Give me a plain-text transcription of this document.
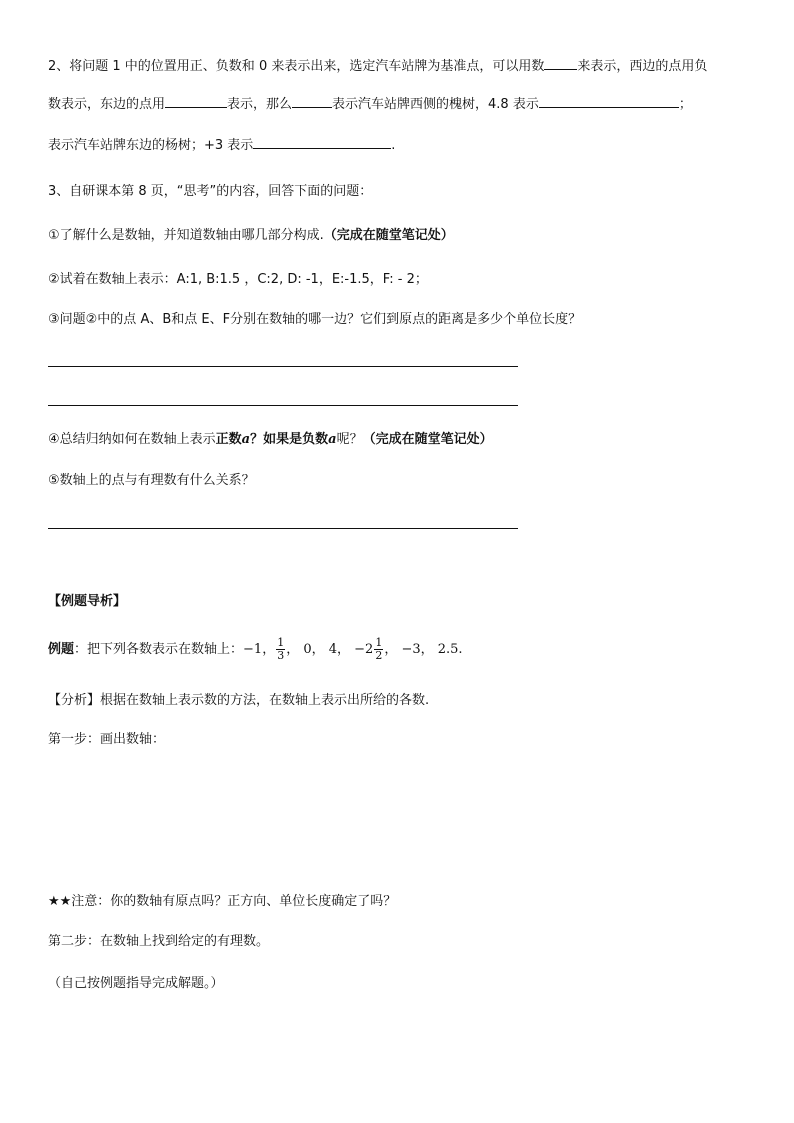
2、将问题 1 中的位置用正、负数和 0 来表示出来，选定汽车站牌为基准点，可以用数	来表示，西边的点用负
数表示，东边的点用	表示，那么	表示汽车站牌西侧的槐树，4.8 表示	；
表示汽车站牌东边的杨树；+3 表示	.
3、自研课本第 8 页，“思考”的内容，回答下面的问题：
①了解什么是数轴，并知道数轴由哪几部分构成.（完成在随堂笔记处）
②试着在数轴上表示：A:1, B:1.5 ，C:2, D: -1，E:-1.5，F: - 2；
③问题②中的点 A、B和点 E、F分别在数轴的哪一边？它们到原点的距离是多少个单位长度？
④总结归纳如何在数轴上表示正数a？如果是负数a呢？（完成在随堂笔记处）
⑤数轴上的点与有理数有什么关系？
【例题导析】
例题：把下列各数表示在数轴上：−1， $\frac{1}{3}$ ， 0， 4， $-2 \frac{1}{2}$ ， −3， 2.5.
【分析】根据在数轴上表示数的方法，在数轴上表示出所给的各数.
第一步：画出数轴：
★★注意：你的数轴有原点吗？正方向、单位长度确定了吗？
第二步：在数轴上找到给定的有理数。
（自己按例题指导完成解题。）
